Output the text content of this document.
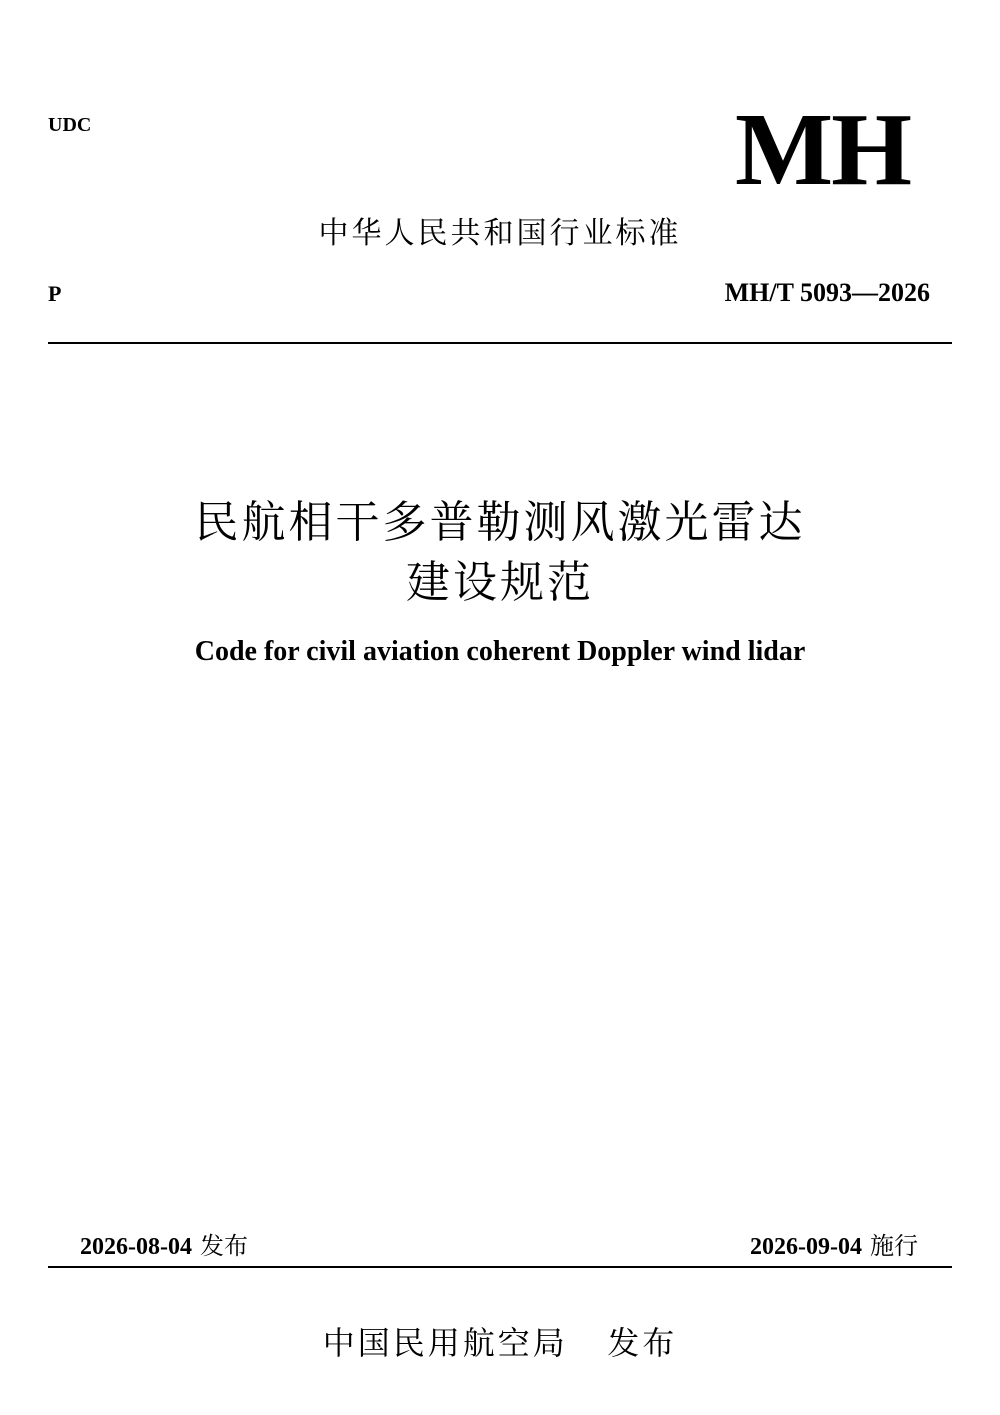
UDC	MH
中华人民共和国行业标准
P	MH/T 5093—2026
民航相干多普勒测风激光雷达
建设规范
Code for civil aviation coherent Doppler wind lidar
2026-08-04 发布	2026-09-04 施行
中国民用航空局   发布
